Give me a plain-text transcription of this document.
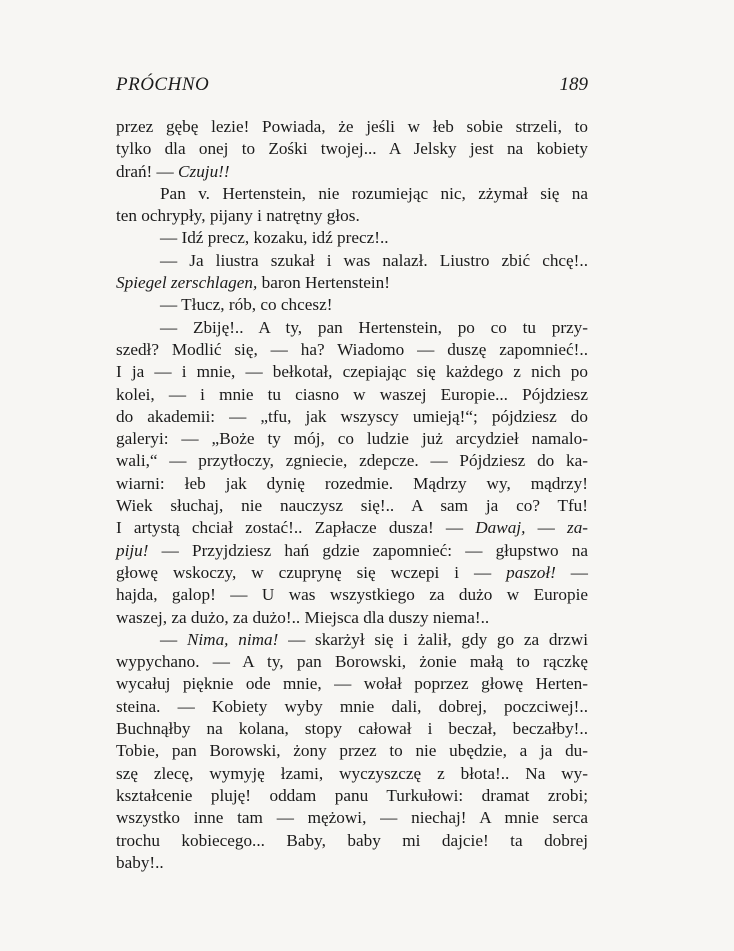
PRÓCHNO	189
przez gębę lezie! Powiada, że jeśli w łeb sobie strzeli, to
tylko dla onej to Zośki twojej... A Jelsky jest na kobiety
drań! — Czuju!!
Pan v. Hertenstein, nie rozumiejąc nic, zżymał się na
ten ochrypły, pijany i natrętny głos.
— Idź precz, kozaku, idź precz!..
— Ja liustra szukał i was nalazł. Liustro zbić chcę!..
Spiegel zerschlagen, baron Hertenstein!
— Tłucz, rób, co chcesz!
— Zbiję!.. A ty, pan Hertenstein, po co tu przy-
szedł? Modlić się, — ha? Wiadomo — duszę zapomnieć!..
I ja — i mnie, — bełkotał, czepiając się każdego z nich po
kolei, — i mnie tu ciasno w waszej Europie... Pójdziesz
do akademii: — „tfu, jak wszyscy umieją!“; pójdziesz do
galeryi: — „Boże ty mój, co ludzie już arcydzieł namalo-
wali,“ — przytłoczy, zgniecie, zdepcze. — Pójdziesz do ka-
wiarni: łeb jak dynię rozedmie. Mądrzy wy, mądrzy!
Wiek słuchaj, nie nauczysz się!.. A sam ja co? Tfu!
I artystą chciał zostać!.. Zapłacze dusza! — Dawaj, — za-
piju! — Przyjdziesz hań gdzie zapomnieć: — głupstwo na
głowę wskoczy, w czuprynę się wczepi i — paszoł! —
hajda, galop! — U was wszystkiego za dużo w Europie
waszej, za dużo, za dużo!.. Miejsca dla duszy niema!..
— Nima, nima! — skarżył się i żalił, gdy go za drzwi
wypychano. — A ty, pan Borowski, żonie małą to rączkę
wycałuj pięknie ode mnie, — wołał poprzez głowę Herten-
steina. — Kobiety wyby mnie dali, dobrej, poczciwej!..
Buchnąłby na kolana, stopy całował i beczał, beczałby!..
Tobie, pan Borowski, żony przez to nie ubędzie, a ja du-
szę zlecę, wymyję łzami, wyczyszczę z błota!.. Na wy-
kształcenie pluję! oddam panu Turkułowi: dramat zrobi;
wszystko inne tam — mężowi, — niechaj! A mnie serca
trochu kobiecego... Baby, baby mi dajcie! ta dobrej
baby!..
